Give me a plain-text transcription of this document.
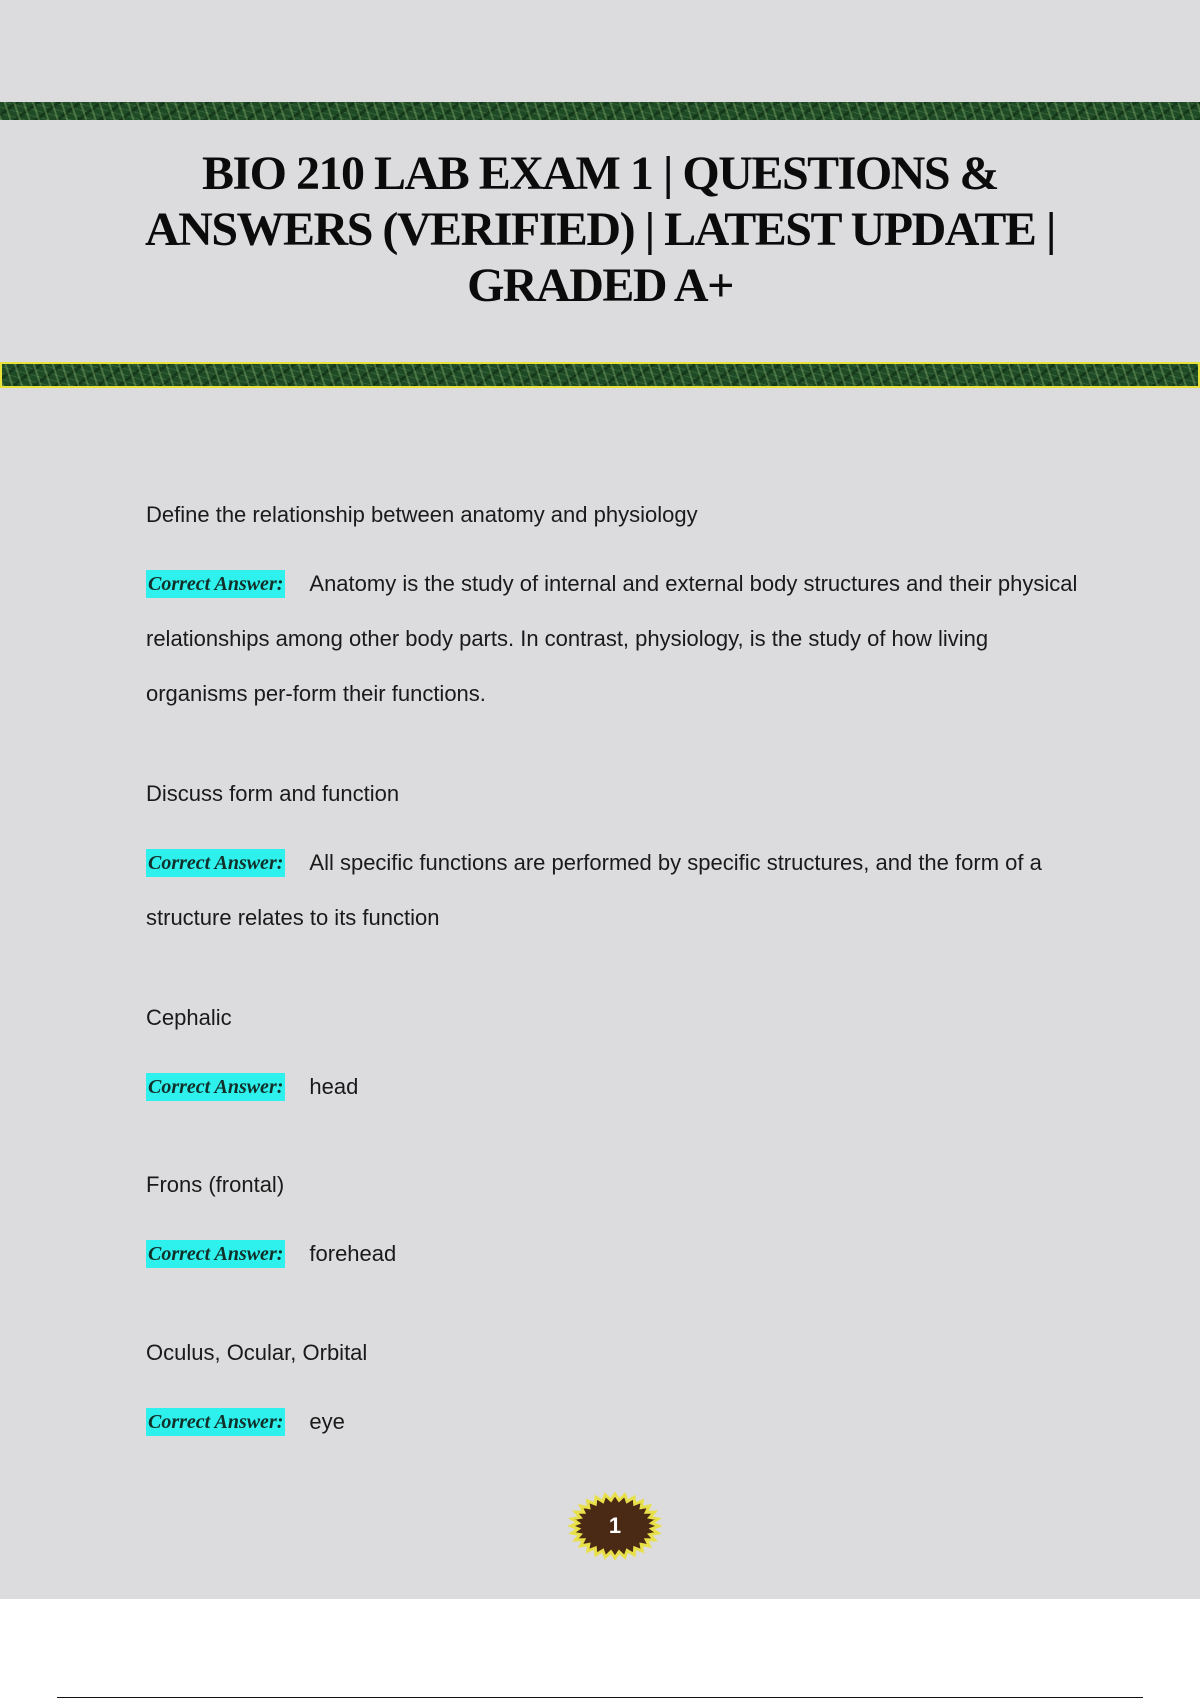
BIO 210 LAB EXAM 1 | QUESTIONS & ANSWERS (VERIFIED) | LATEST UPDATE | GRADED A+

Define the relationship between anatomy and physiology

Correct Answer: Anatomy is the study of internal and external body structures and their physical relationships among other body parts. In contrast, physiology, is the study of how living organisms per-form their functions.

Discuss form and function

Correct Answer: All specific functions are performed by specific structures, and the form of a structure relates to its function

Cephalic

Correct Answer: head

Frons (frontal)

Correct Answer: forehead

Oculus, Ocular, Orbital

Correct Answer: eye

1
